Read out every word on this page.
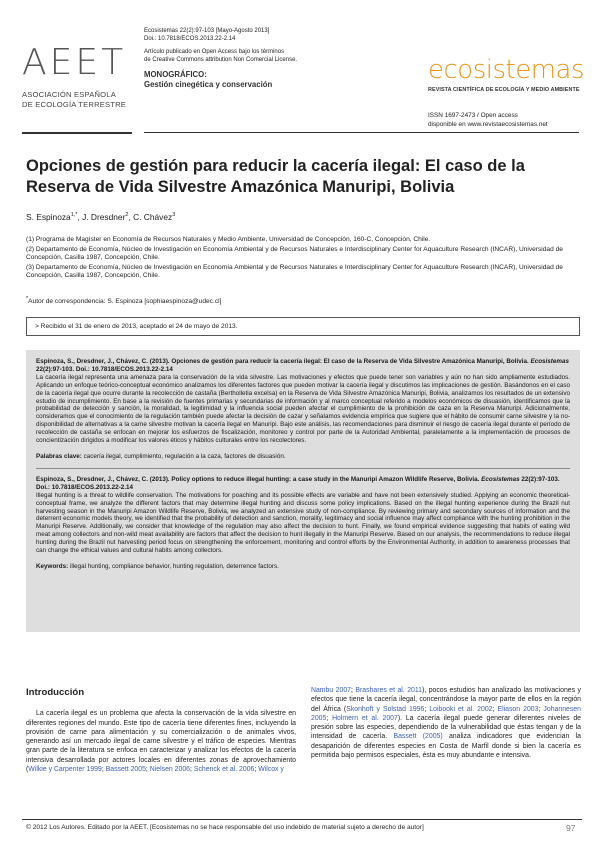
AEET
ASOCIACIÓN ESPAÑOLA
DE ECOLOGÍA TERRESTRE
Ecosistemas 22(2):97-103 [Mayo-Agosto 2013]
Doi.: 10.7818/ECOS.2013.22-2.14
Artículo publicado en Open Access bajo los términos
de Creative Commons attribution Non Comercial License.
MONOGRÁFICO:
Gestión cinegética y conservación	ecosistemas
REVISTA CIENTÍFICA DE ECOLOGÍA Y MEDIO AMBIENTE
ISSN 1697-2473 / Open access
disponible en www.revistaecosistemas.net
Opciones de gestión para reducir la cacería ilegal: El caso de la Reserva de Vida Silvestre Amazónica Manuripi, Bolivia
S. Espinoza$^{1,*}$, J. Dresdner$^2$, C. Chávez$^3$

(1) Programa de Magíster en Economía de Recursos Naturales y Medio Ambiente, Universidad de Concepción, 160-C, Concepción, Chile.

(2) Departamento de Economía, Núcleo de Investigación en Economía Ambiental y de Recursos Naturales e Interdisciplinary Center for Aquaculture Research (INCAR), Universidad de Concepción, Casilla 1987, Concepción, Chile.

(3) Departamento de Economía, Núcleo de Investigación en Economía Ambiental y de Recursos Naturales e Interdisciplinary Center for Aquaculture Research (INCAR), Universidad de Concepción, Casilla 1987, Concepción, Chile.

*Autor de correspondencia: S. Espinoza [sophiaespinoza@udec.cl]
> Recibido el 31 de enero de 2013, aceptado el 24 de mayo de 2013.

Espinoza, S., Dresdner, J., Chávez, C. (2013). Opciones de gestión para reducir la cacería ilegal: El caso de la Reserva de Vida Silvestre Amazónica Manuripi, Bolivia. Ecosistemas 22(2):97-103. Doi.: 10.7818/ECOS.2013.22-2.14

La cacería ilegal representa una amenaza para la conservación de la vida silvestre. Las motivaciones y efectos que puede tener son variables y aún no han sido ampliamente estudiados. Aplicando un enfoque teórico-conceptual económico analizamos los diferentes factores que pueden motivar la cacería ilegal y discutimos las implicaciones de gestión. Basándonos en el caso de la cacería ilegal que ocurre durante la recolección de castaña (Bertholletia excelsa) en la Reserva de Vida Silvestre Amazónica Manuripi, Bolivia, analizamos los resultados de un extensivo estudio de incumplimiento. En base a la revisión de fuentes primarias y secundarias de información y al marco conceptual referido a modelos económicos de disuasión, identificamos que la probabilidad de detección y sanción, la moralidad, la legitimidad y la influencia social pueden afectar el cumplimiento de la prohibición de caza en la Reserva Manuripi. Adicionalmente, consideramos que el conocimiento de la regulación también puede afectar la decisión de cazar y señalamos evidencia empírica que sugiere que el hábito de consumir carne silvestre y la no-disponibilidad de alternativas a la carne silvestre motivan la cacería ilegal en Manuripi. Bajo este análisis, las recomendaciones para disminuir el riesgo de cacería ilegal durante el período de recolección de castaña se enfocan en mejorar los esfuerzos de fiscalización, monitoreo y control por parte de la Autoridad Ambiental, paralelamente a la implementación de procesos de concientización dirigidos a modificar los valores éticos y hábitos culturales entre los recolectores.

Palabras clave: cacería ilegal, cumplimiento, regulación a la caza, factores de disuasión.

Espinoza, S., Dresdner, J., Chávez, C. (2013). Policy options to reduce illegal hunting: a case study in the Manuripi Amazon Wildlife Reserve, Bolivia. Ecosistemas 22(2):97-103. Doi.: 10.7818/ECOS.2013.22-2.14

Illegal hunting is a threat to wildlife conservation. The motivations for poaching and its possible effects are variable and have not been extensively studied. Applying an economic theoretical-conceptual frame, we analyze the different factors that may determine illegal hunting and discuss some policy implications. Based on the illegal hunting experience during the Brazil nut harvesting season in the Manuripi Amazon Wildlife Reserve, Bolivia, we analyzed an extensive study of non-compliance. By reviewing primary and secondary sources of information and the deterrent economic models theory, we identified that the probability of detection and sanction, morality, legitimacy and social influence may affect compliance with the hunting prohibition in the Manuripi Reserve. Additionally, we consider that knowledge of the regulation may also affect the decision to hunt. Finally, we found empirical evidence suggesting that habits of eating wild meat among collectors and non-wild meat availability are factors that affect the decision to hunt illegally in the Manuripi Reserve. Based on our analysis, the recommendations to reduce illegal hunting during the Brazil nut harvesting period focus on strengthening the enforcement, monitoring and control efforts by the Environmental Authority, in addition to awareness processes that can change the ethical values and cultural habits among collectors.

Keywords: illegal hunting, compliance behavior, hunting regulation, deterrence factors.

Introducción

La cacería ilegal es un problema que afecta la conservación de la vida silvestre en diferentes regiones del mundo. Este tipo de cacería tiene diferentes fines, incluyendo la provisión de carne para alimentación y su comercialización o de animales vivos, generando así un mercado ilegal de carne silvestre y el tráfico de especies. Mientras gran parte de la literatura se enfoca en caracterizar y analizar los efectos de la cacería intensiva desarrollada por actores locales en diferentes zonas de aprovechamiento (Wilkie y Carpenter 1999; Bassett 2005; Nielsen 2006; Schenck et al. 2006; Wilcox y

Nambu 2007; Brashares et al. 2011), pocos estudios han analizado las motivaciones y efectos que tiene la cacería ilegal, concentrándose la mayor parte de ellos en la región del África (Skonhoft y Solstad 1996; Loibooki et al. 2002; Eliason 2003; Johannesen 2005; Holmern et al. 2007). La cacería ilegal puede generar diferentes niveles de presión sobre las especies, dependiendo de la vulnerabilidad que éstas tengan y de la intensidad de cacería. Bassett (2005) analiza indicadores que evidencian la desaparición de diferentes especies en Costa de Marfil donde si bien la cacería es permitida bajo permisos especiales, ésta es muy abundante e intensiva.

© 2012 Los Autores. Editado por la AEET. [Ecosistemas no se hace responsable del uso indebido de material sujeto a derecho de autor]	97
